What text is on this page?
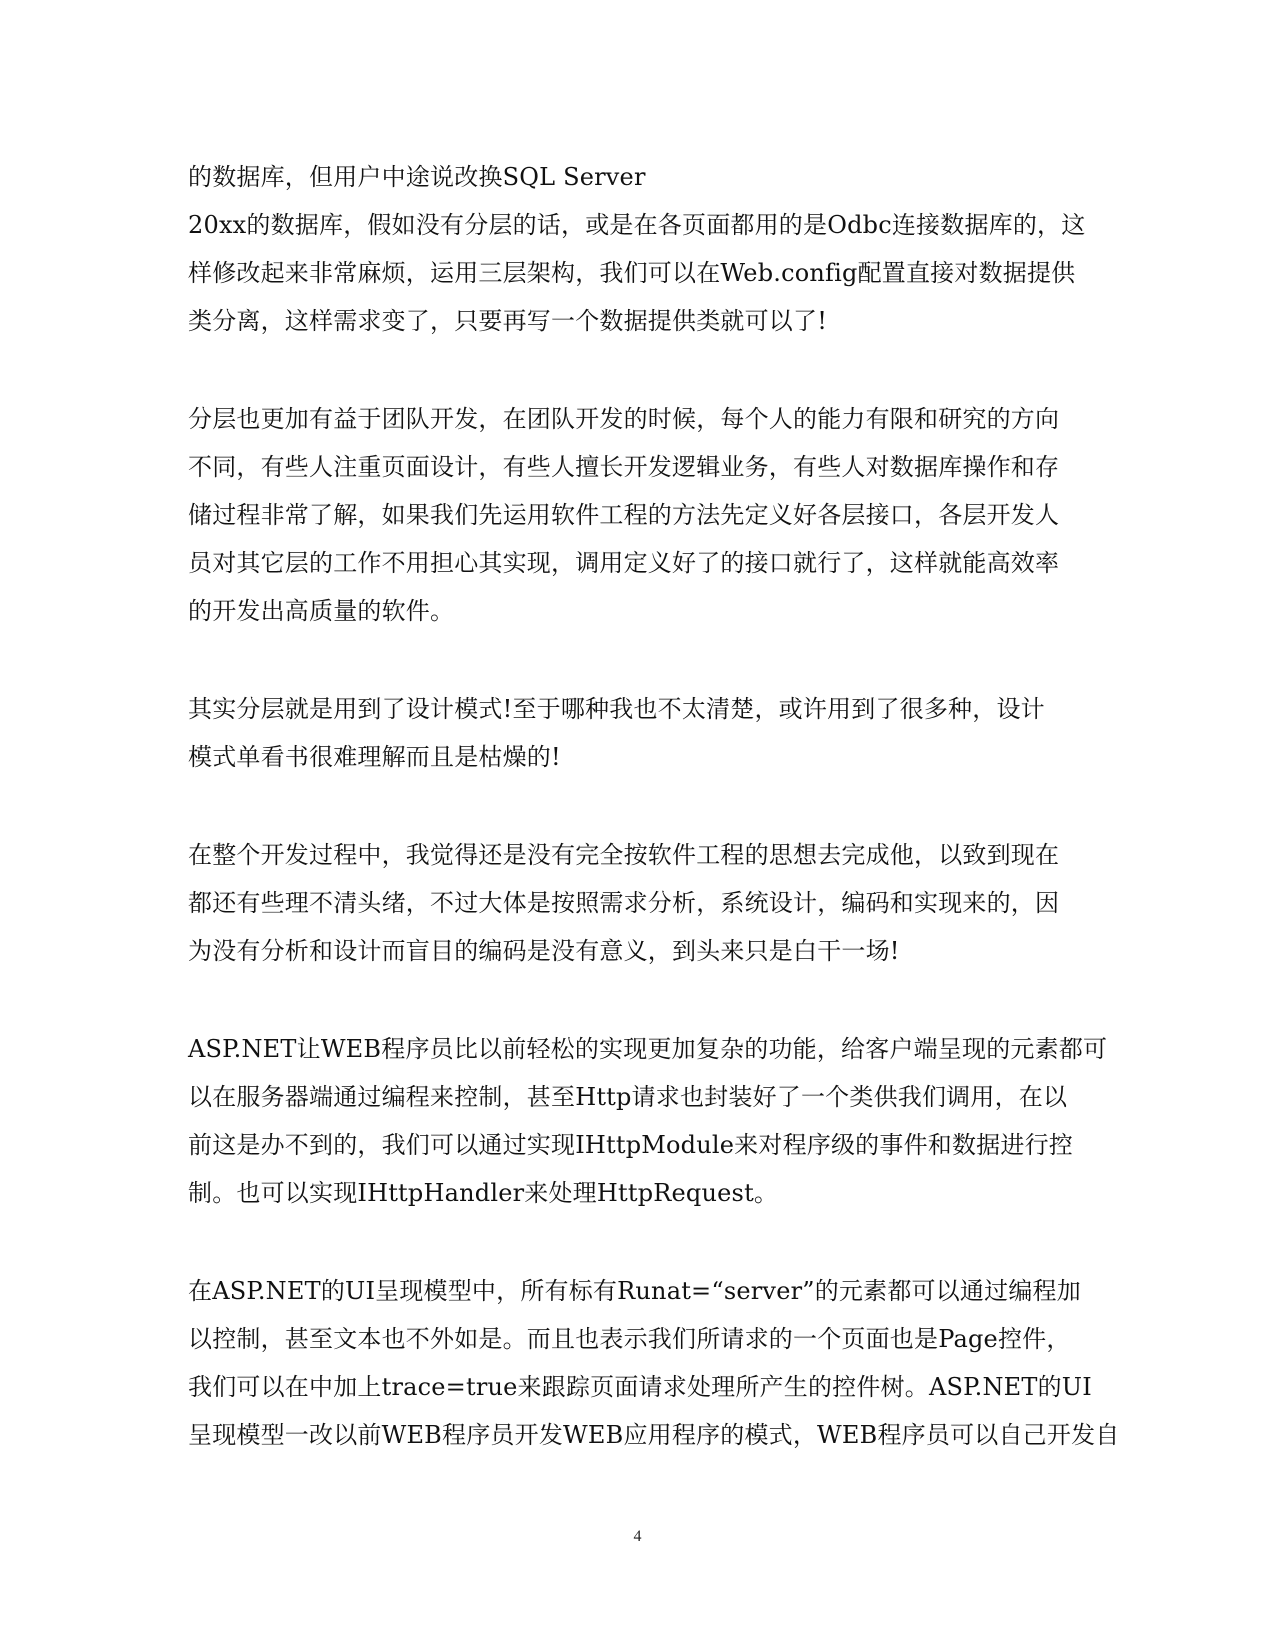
的数据库，但用户中途说改换SQL Server
20xx的数据库，假如没有分层的话，或是在各页面都用的是Odbc连接数据库的，这
样修改起来非常麻烦，运用三层架构，我们可以在Web.config配置直接对数据提供
类分离，这样需求变了，只要再写一个数据提供类就可以了!
分层也更加有益于团队开发，在团队开发的时候，每个人的能力有限和研究的方向
不同，有些人注重页面设计，有些人擅长开发逻辑业务，有些人对数据库操作和存
储过程非常了解，如果我们先运用软件工程的方法先定义好各层接口，各层开发人
员对其它层的工作不用担心其实现，调用定义好了的接口就行了，这样就能高效率
的开发出高质量的软件。
其实分层就是用到了设计模式!至于哪种我也不太清楚，或许用到了很多种，设计
模式单看书很难理解而且是枯燥的!
在整个开发过程中，我觉得还是没有完全按软件工程的思想去完成他，以致到现在
都还有些理不清头绪，不过大体是按照需求分析，系统设计，编码和实现来的，因
为没有分析和设计而盲目的编码是没有意义，到头来只是白干一场!
ASP.NET让WEB程序员比以前轻松的实现更加复杂的功能，给客户端呈现的元素都可
以在服务器端通过编程来控制，甚至Http请求也封装好了一个类供我们调用，在以
前这是办不到的，我们可以通过实现IHttpModule来对程序级的事件和数据进行控
制。也可以实现IHttpHandler来处理HttpRequest。
在ASP.NET的UI呈现模型中，所有标有Runat=“server”的元素都可以通过编程加
以控制，甚至文本也不外如是。而且也表示我们所请求的一个页面也是Page控件，
我们可以在中加上trace=true来跟踪页面请求处理所产生的控件树。ASP.NET的UI
呈现模型一改以前WEB程序员开发WEB应用程序的模式，WEB程序员可以自己开发自
4
